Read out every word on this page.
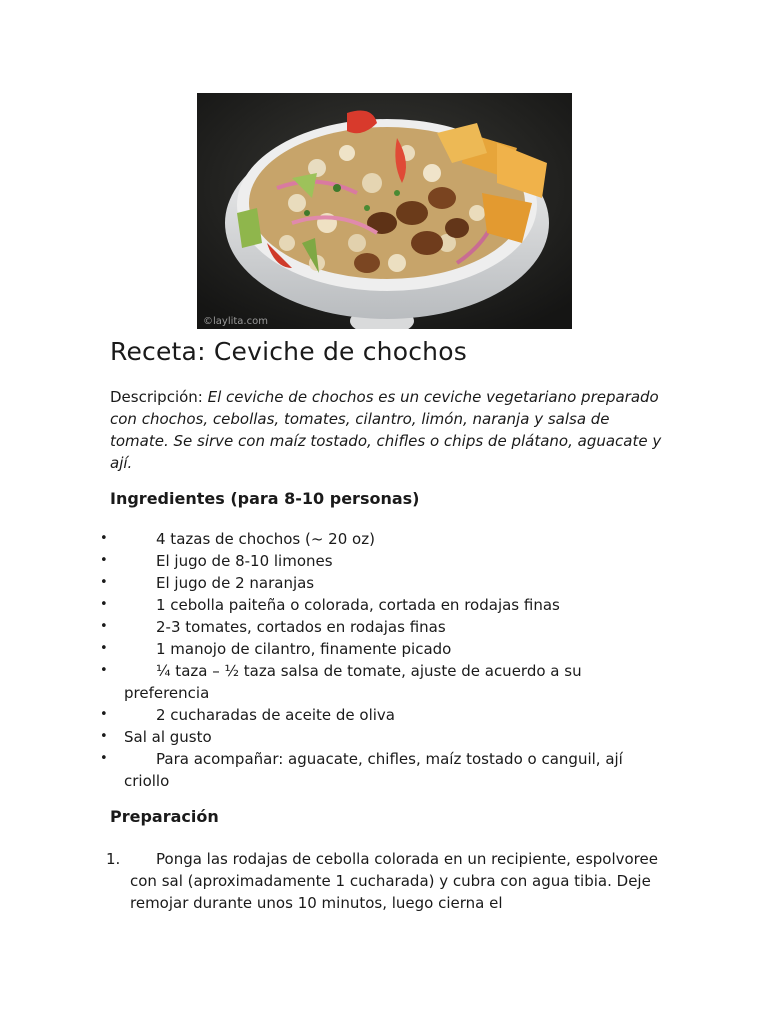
©laylita.com
Receta: Ceviche de chochos

Descripción: El ceviche de chochos es un ceviche vegetariano preparado con chochos, cebollas, tomates, cilantro, limón, naranja y salsa de tomate. Se sirve con maíz tostado, chifles o chips de plátano, aguacate y ají.

Ingredientes (para 8-10 personas)
•	4 tazas de chochos (~ 20 oz)
•	El jugo de 8-10 limones
•	El jugo de 2 naranjas
•	1 cebolla paiteña o colorada, cortada en rodajas finas
•	2-3 tomates, cortados en rodajas finas
•	1 manojo de cilantro, finamente picado
•	¼ taza – ½ taza salsa de tomate, ajuste de acuerdo a su preferencia
•	2 cucharadas de aceite de oliva
• Sal al gusto
•	Para acompañar: aguacate, chifles, maíz tostado o canguil, ají criollo
Preparación
1.	Ponga las rodajas de cebolla colorada en un recipiente, espolvoree con sal (aproximadamente 1 cucharada) y cubra con agua tibia. Deje remojar durante unos 10 minutos, luego cierna el
